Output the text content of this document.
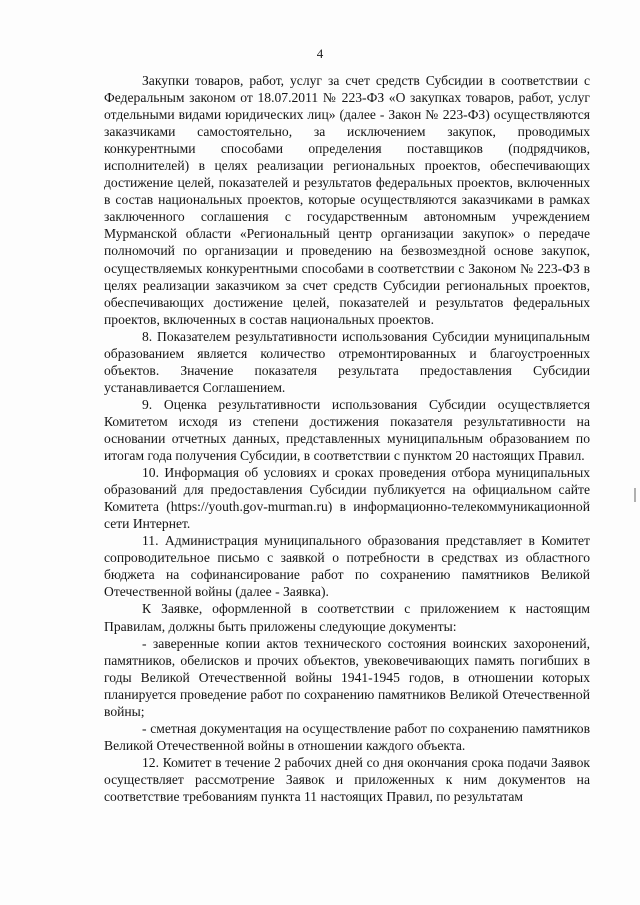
4

Закупки товаров, работ, услуг за счет средств Субсидии в соответствии с Федеральным законом от 18.07.2011 № 223-ФЗ «О закупках товаров, работ, услуг отдельными видами юридических лиц» (далее - Закон № 223-ФЗ) осуществляются заказчиками самостоятельно, за исключением закупок, проводимых конкурентными способами определения поставщиков (подрядчиков, исполнителей) в целях реализации региональных проектов, обеспечивающих достижение целей, показателей и результатов федеральных проектов, включенных в состав национальных проектов, которые осуществляются заказчиками в рамках заключенного соглашения с государственным автономным учреждением Мурманской области «Региональный центр организации закупок» о передаче полномочий по организации и проведению на безвозмездной основе закупок, осуществляемых конкурентными способами в соответствии с Законом № 223-ФЗ в целях реализации заказчиком за счет средств Субсидии региональных проектов, обеспечивающих достижение целей, показателей и результатов федеральных проектов, включенных в состав национальных проектов.

8. Показателем результативности использования Субсидии муниципальным образованием является количество отремонтированных и благоустроенных объектов. Значение показателя результата предоставления Субсидии устанавливается Соглашением.

9. Оценка результативности использования Субсидии осуществляется Комитетом исходя из степени достижения показателя результативности на основании отчетных данных, представленных муниципальным образованием по итогам года получения Субсидии, в соответствии с пунктом 20 настоящих Правил.

10. Информация об условиях и сроках проведения отбора муниципальных образований для предоставления Субсидии публикуется на официальном сайте Комитета (https://youth.gov-murman.ru) в информационно-телекоммуникационной сети Интернет.

11. Администрация муниципального образования представляет в Комитет сопроводительное письмо с заявкой о потребности в средствах из областного бюджета на софинансирование работ по сохранению памятников Великой Отечественной войны (далее - Заявка).

К Заявке, оформленной в соответствии с приложением к настоящим Правилам, должны быть приложены следующие документы:

- заверенные копии актов технического состояния воинских захоронений, памятников, обелисков и прочих объектов, увековечивающих память погибших в годы Великой Отечественной войны 1941-1945 годов, в отношении которых планируется проведение работ по сохранению памятников Великой Отечественной войны;

- сметная документация на осуществление работ по сохранению памятников Великой Отечественной войны в отношении каждого объекта.

12. Комитет в течение 2 рабочих дней со дня окончания срока подачи Заявок осуществляет рассмотрение Заявок и приложенных к ним документов на соответствие требованиям пункта 11 настоящих Правил, по результатам
